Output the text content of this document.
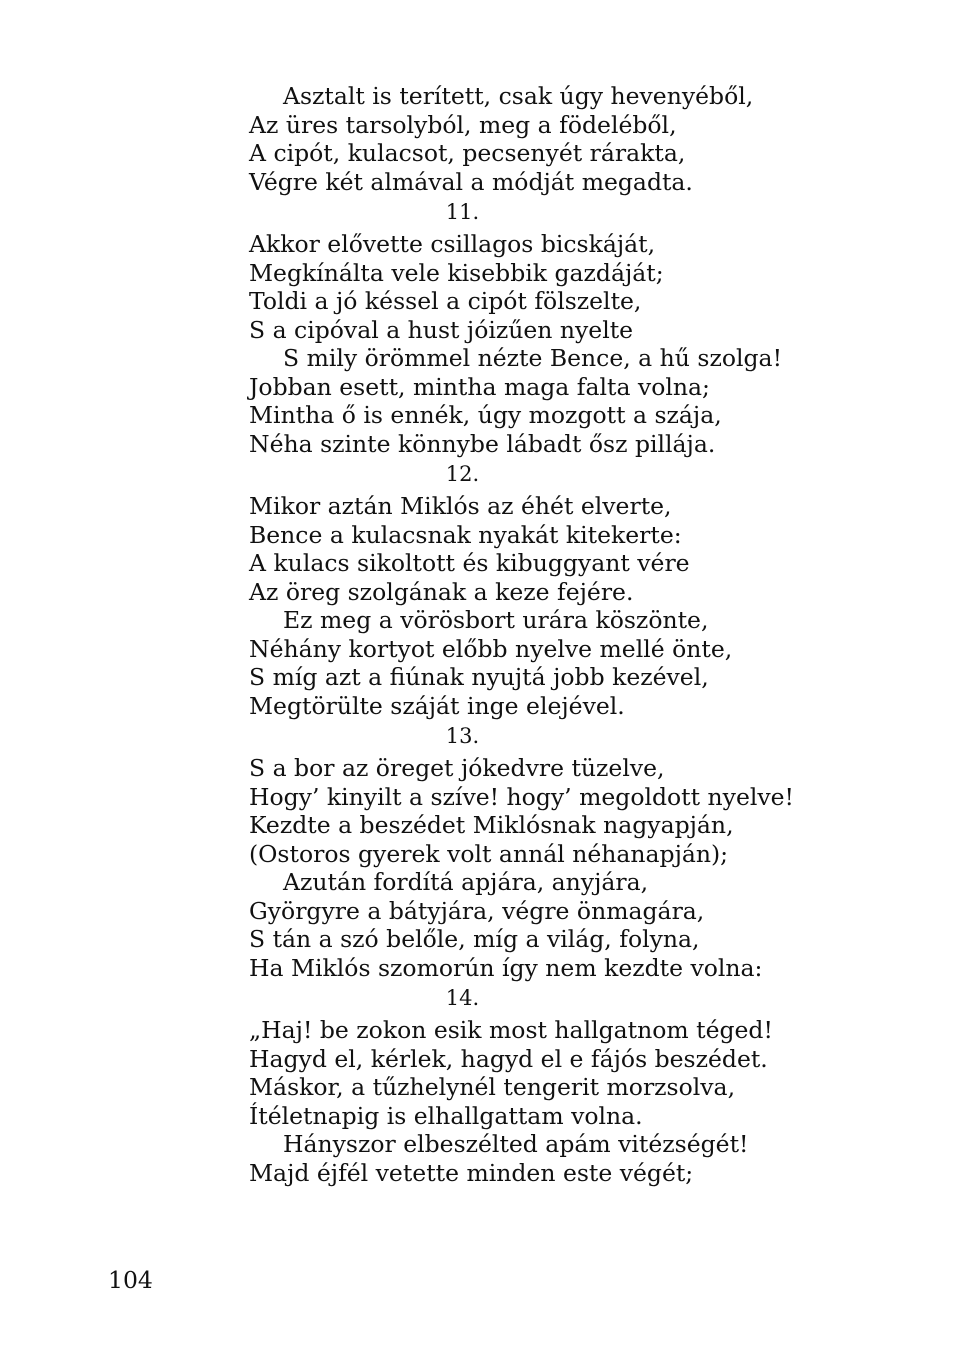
Asztalt is terített, csak úgy hevenyéből,
Az üres tarsolyból, meg a födeléből,
A cipót, kulacsot, pecsenyét rárakta,
Végre két almával a módját megadta.
11.
Akkor elővette csillagos bicskáját,
Megkínálta vele kisebbik gazdáját;
Toldi a jó késsel a cipót fölszelte,
S a cipóval a hust jóizűen nyelte
S mily örömmel nézte Bence, a hű szolga!
Jobban esett, mintha maga falta volna;
Mintha ő is ennék, úgy mozgott a szája,
Néha szinte könnybe lábadt ősz pillája.
12.
Mikor aztán Miklós az éhét elverte,
Bence a kulacsnak nyakát kitekerte:
A kulacs sikoltott és kibuggyant vére
Az öreg szolgának a keze fejére.
Ez meg a vörösbort urára köszönte,
Néhány kortyot előbb nyelve mellé önte,
S míg azt a fiúnak nyujtá jobb kezével,
Megtörülte száját inge elejével.
13.
S a bor az öreget jókedvre tüzelve,
Hogy’ kinyilt a szíve! hogy’ megoldott nyelve!
Kezdte a beszédet Miklósnak nagyapján,
(Ostoros gyerek volt annál néhanapján);
Azután fordítá apjára, anyjára,
Györgyre a bátyjára, végre önmagára,
S tán a szó belőle, míg a világ, folyna,
Ha Miklós szomorún így nem kezdte volna:
14.
„Haj! be zokon esik most hallgatnom téged!
Hagyd el, kérlek, hagyd el e fájós beszédet.
Máskor, a tűzhelynél tengerit morzsolva,
Ítéletnapig is elhallgattam volna.
Hányszor elbeszélted apám vitézségét!
Majd éjfél vetette minden este végét;
104
